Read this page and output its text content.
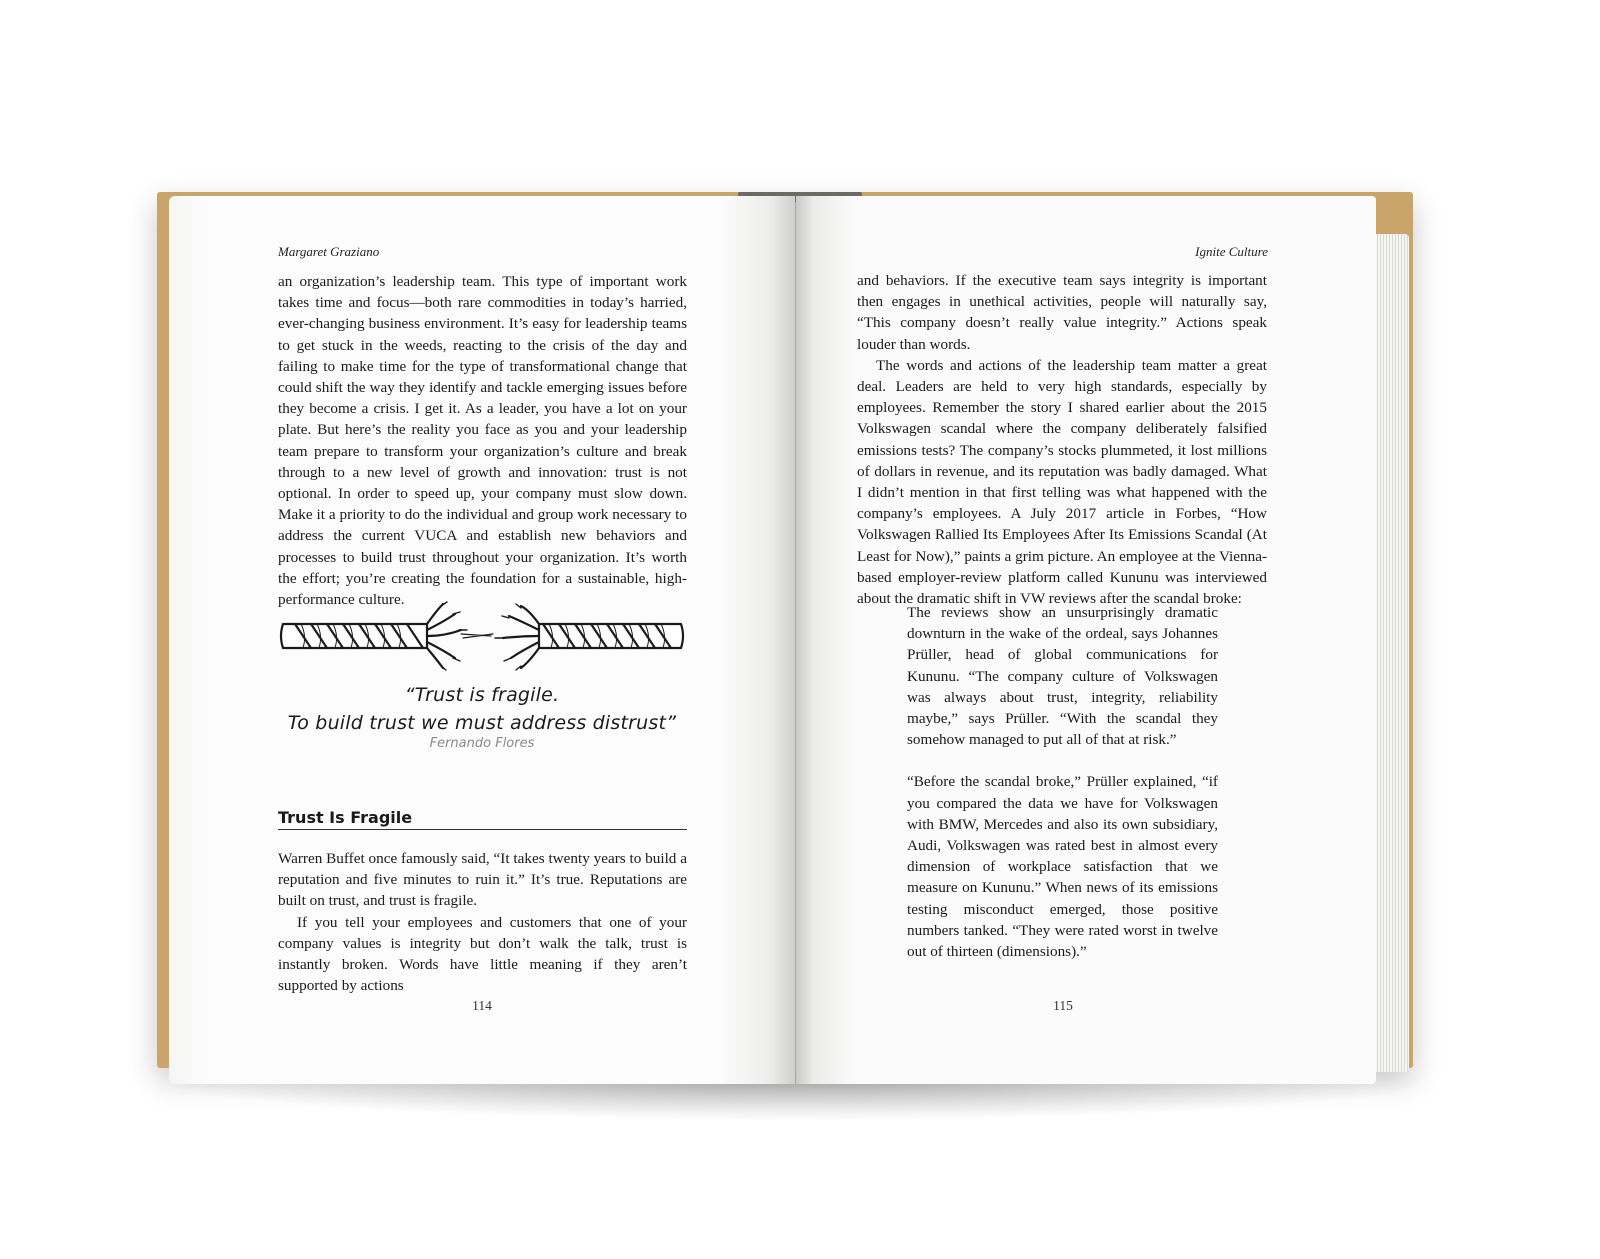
Margaret Graziano

an organization’s leadership team. This type of important work takes time and focus—both rare commodities in today’s harried, ever-changing business environment. It’s easy for leadership teams to get stuck in the weeds, reacting to the crisis of the day and failing to make time for the type of transformational change that could shift the way they identify and tackle emerging issues before they become a crisis. I get it. As a leader, you have a lot on your plate. But here’s the reality you face as you and your leadership team prepare to transform your organization’s culture and break through to a new level of growth and innovation: trust is not optional. In order to speed up, your company must slow down. Make it a priority to do the individual and group work necessary to address the current VUCA and establish new behaviors and processes to build trust throughout your organization. It’s worth the effort; you’re creating the foundation for a sustainable, high-performance culture.

“Trust is fragile.
To build trust we must address distrust”
Fernando Flores
Trust Is Fragile

Warren Buffet once famously said, “It takes twenty years to build a reputation and five minutes to ruin it.” It’s true. Reputations are built on trust, and trust is fragile.

If you tell your employees and customers that one of your company values is integrity but don’t walk the talk, trust is instantly broken. Words have little meaning if they aren’t supported by actions

114
Ignite Culture

and behaviors. If the executive team says integrity is important then engages in unethical activities, people will naturally say, “This company doesn’t really value integrity.” Actions speak louder than words.

The words and actions of the leadership team matter a great deal. Leaders are held to very high standards, especially by employees. Remember the story I shared earlier about the 2015 Volkswagen scandal where the company deliberately falsified emissions tests? The company’s stocks plummeted, it lost millions of dollars in revenue, and its reputation was badly damaged. What I didn’t mention in that first telling was what happened with the company’s employees. A July 2017 article in Forbes, “How Volkswagen Rallied Its Employees After Its Emissions Scandal (At Least for Now),” paints a grim picture. An employee at the Vienna-based employer-review platform called Kununu was interviewed about the dramatic shift in VW reviews after the scandal broke:

The reviews show an unsurprisingly dramatic downturn in the wake of the ordeal, says Johannes Prüller, head of global communications for Kununu. “The company culture of Volkswagen was always about trust, integrity, reliability maybe,” says Prüller. “With the scandal they somehow managed to put all of that at risk.”

“Before the scandal broke,” Prüller explained, “if you compared the data we have for Volkswagen with BMW, Mercedes and also its own subsidiary, Audi, Volkswagen was rated best in almost every dimension of workplace satisfaction that we measure on Kununu.” When news of its emissions testing misconduct emerged, those positive numbers tanked. “They were rated worst in twelve out of thirteen (dimensions).”

115
